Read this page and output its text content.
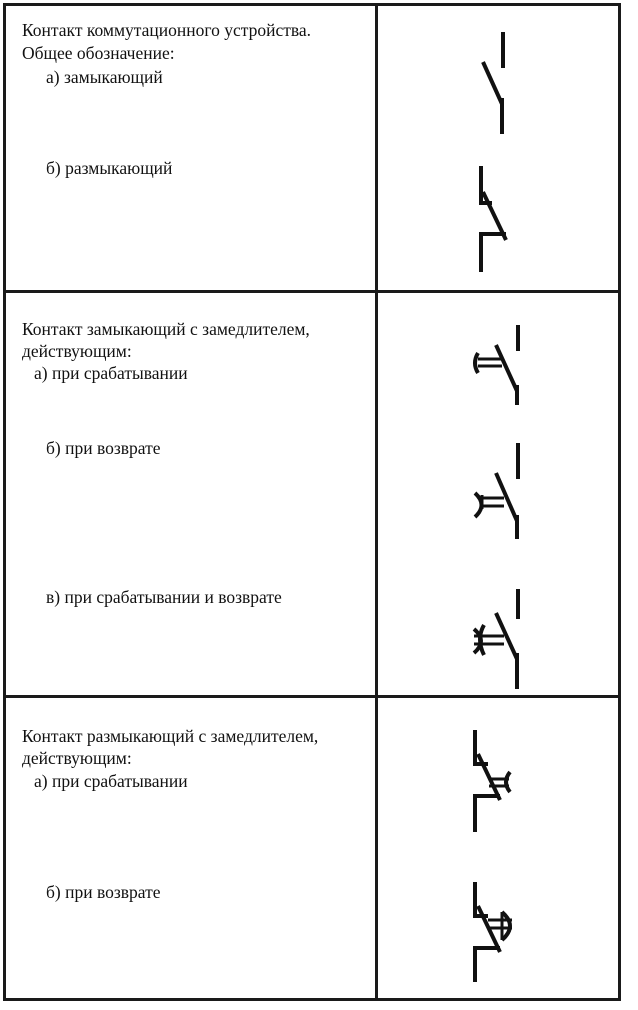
Контакт коммутационного устройства.
Общее обозначение:
а) замыкающий
б) размыкающий
Контакт замыкающий с замедлителем,
действующим:
а) при срабатывании
б) при возврате
в) при срабатывании и возврате
Контакт размыкающий с замедлителем,
действующим:
а) при срабатывании
б) при возврате
